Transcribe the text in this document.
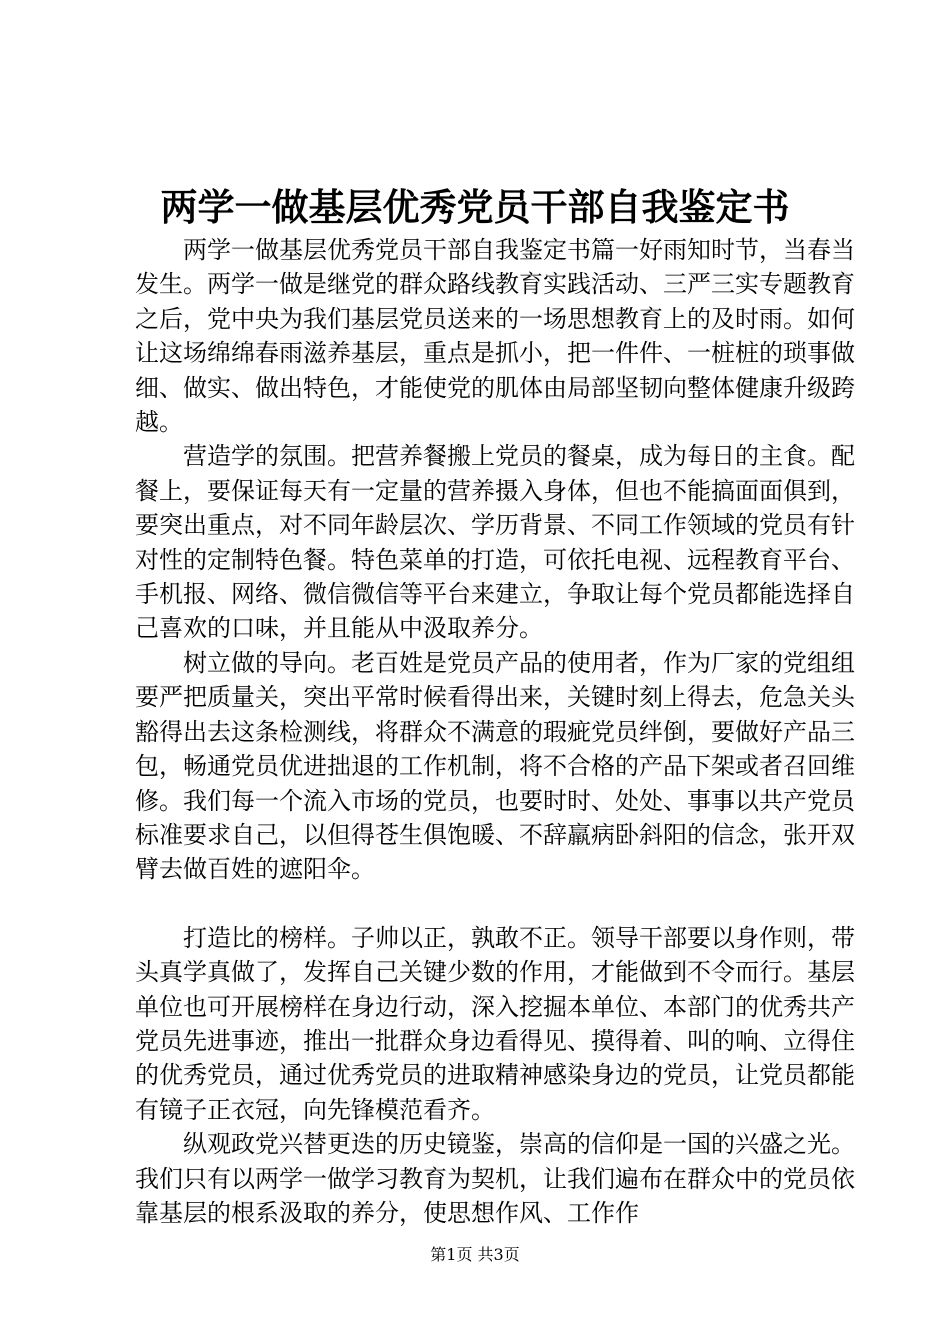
两学一做基层优秀党员干部自我鉴定书

两学一做基层优秀党员干部自我鉴定书篇一好雨知时节，当春当发生。两学一做是继党的群众路线教育实践活动、三严三实专题教育之后，党中央为我们基层党员送来的一场思想教育上的及时雨。如何让这场绵绵春雨滋养基层，重点是抓小，把一件件、一桩桩的琐事做细、做实、做出特色，才能使党的肌体由局部坚韧向整体健康升级跨越。

营造学的氛围。把营养餐搬上党员的餐桌，成为每日的主食。配餐上，要保证每天有一定量的营养摄入身体，但也不能搞面面俱到，要突出重点，对不同年龄层次、学历背景、不同工作领域的党员有针对性的定制特色餐。特色菜单的打造，可依托电视、远程教育平台、手机报、网络、微信微信等平台来建立，争取让每个党员都能选择自己喜欢的口味，并且能从中汲取养分。

树立做的导向。老百姓是党员产品的使用者，作为厂家的党组组要严把质量关，突出平常时候看得出来，关键时刻上得去，危急关头豁得出去这条检测线，将群众不满意的瑕疵党员绊倒，要做好产品三包，畅通党员优进拙退的工作机制，将不合格的产品下架或者召回维修。我们每一个流入市场的党员，也要时时、处处、事事以共产党员标准要求自己，以但得苍生俱饱暖、不辞羸病卧斜阳的信念，张开双臂去做百姓的遮阳伞。

打造比的榜样。子帅以正，孰敢不正。领导干部要以身作则，带头真学真做了，发挥自己关键少数的作用，才能做到不令而行。基层单位也可开展榜样在身边行动，深入挖掘本单位、本部门的优秀共产党员先进事迹，推出一批群众身边看得见、摸得着、叫的响、立得住的优秀党员，通过优秀党员的进取精神感染身边的党员，让党员都能有镜子正衣冠，向先锋模范看齐。

纵观政党兴替更迭的历史镜鉴，崇高的信仰是一国的兴盛之光。我们只有以两学一做学习教育为契机，让我们遍布在群众中的党员依靠基层的根系汲取的养分，使思想作风、工作作

第1页 共3页
